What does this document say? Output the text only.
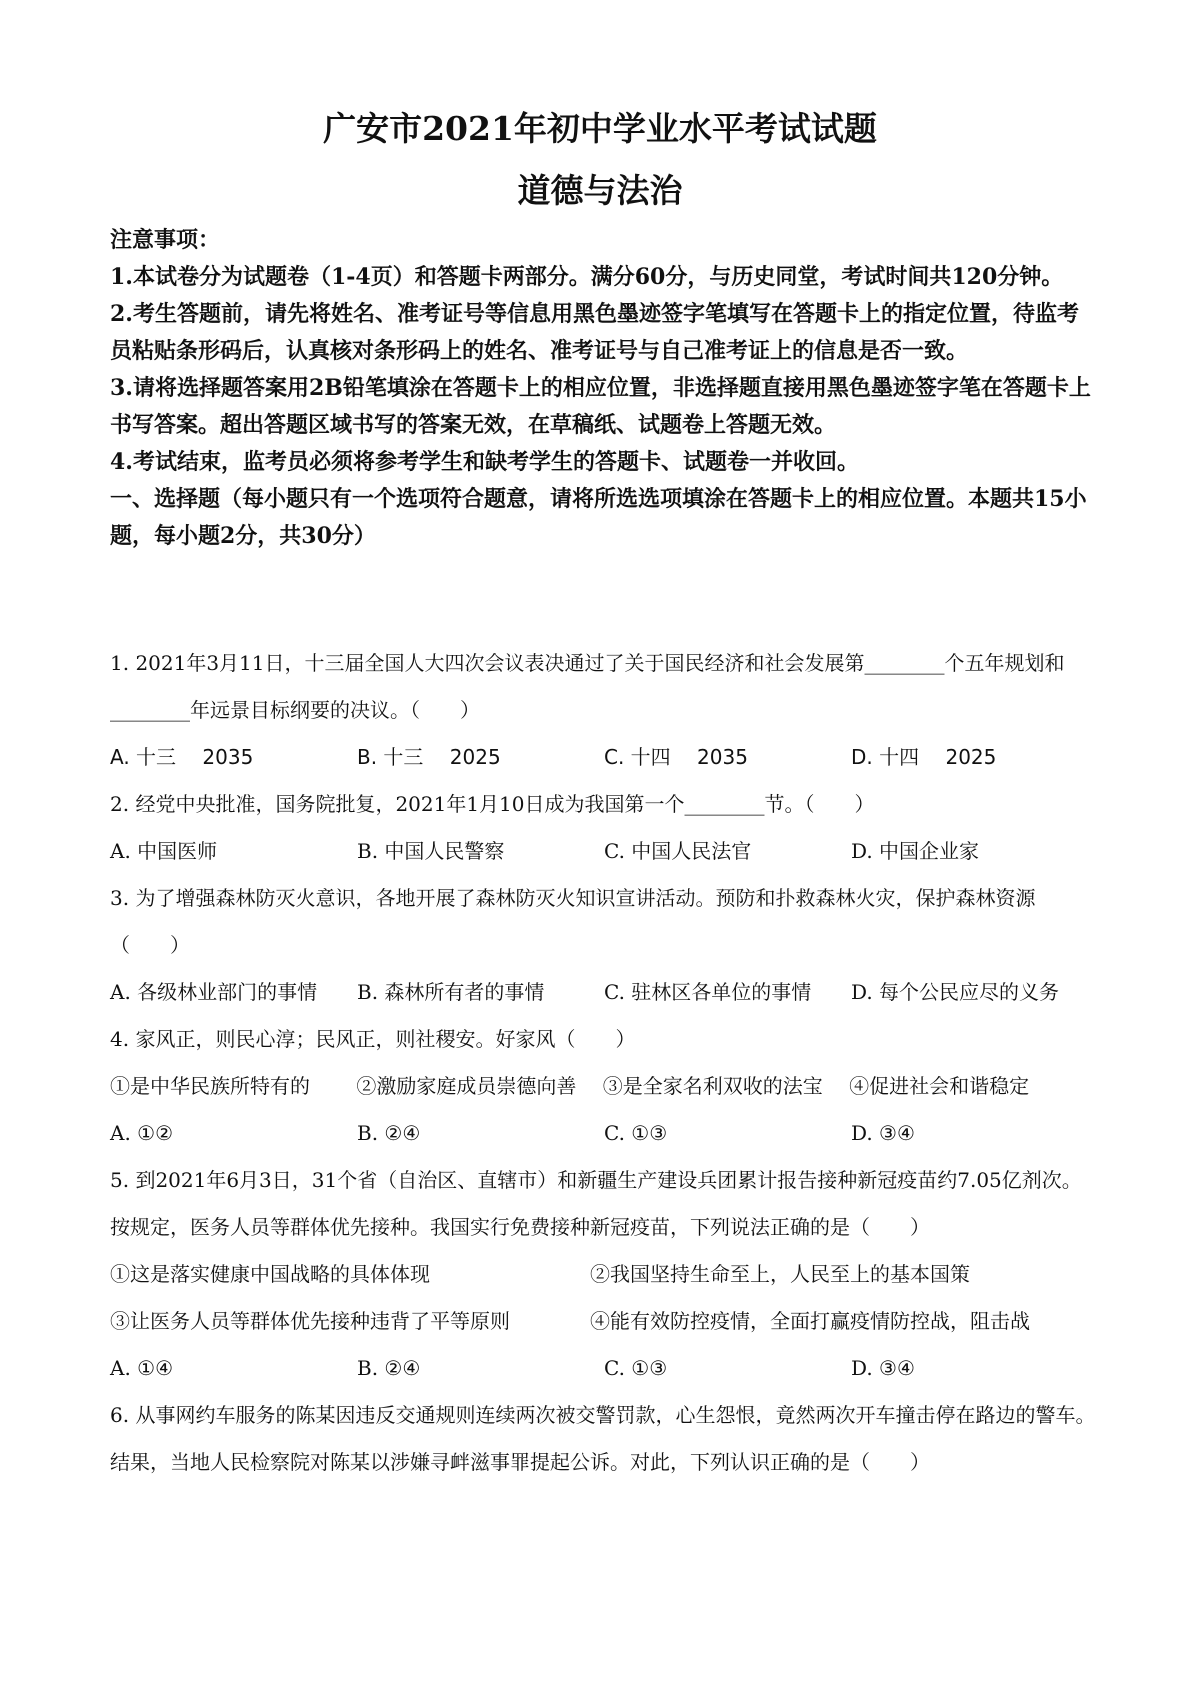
广安市2021年初中学业水平考试试题
道德与法治

注意事项：

1.本试卷分为试题卷（1-4页）和答题卡两部分。满分60分，与历史同堂，考试时间共120分钟。

2.考生答题前，请先将姓名、准考证号等信息用黑色墨迹签字笔填写在答题卡上的指定位置，待监考员粘贴条形码后，认真核对条形码上的姓名、准考证号与自己准考证上的信息是否一致。

3.请将选择题答案用2B铅笔填涂在答题卡上的相应位置，非选择题直接用黑色墨迹签字笔在答题卡上书写答案。超出答题区域书写的答案无效，在草稿纸、试题卷上答题无效。

4.考试结束，监考员必须将参考学生和缺考学生的答题卡、试题卷一并收回。

一、选择题（每小题只有一个选项符合题意，请将所选选项填涂在答题卡上的相应位置。本题共15小题，每小题2分，共30分）

1. 2021年3月11日，十三届全国人大四次会议表决通过了关于国民经济和社会发展第________个五年规划和________年远景目标纲要的决议。（　　）

A. 十三　 2035	B. 十三　 2025	C. 十四　 2035	D. 十四　 2025

2. 经党中央批准，国务院批复，2021年1月10日成为我国第一个________节。（　　）

A. 中国医师	B. 中国人民警察	C. 中国人民法官	D. 中国企业家

3. 为了增强森林防灭火意识，各地开展了森林防灭火知识宣讲活动。预防和扑救森林火灾，保护森林资源（　　）

A. 各级林业部门的事情	B. 森林所有者的事情	C. 驻林区各单位的事情	D. 每个公民应尽的义务

4. 家风正，则民心淳；民风正，则社稷安。好家风（　　）

①是中华民族所特有的　　 ②激励家庭成员崇德向善　 ③是全家名利双收的法宝　 ④促进社会和谐稳定

A. ①②	B. ②④	C. ①③	D. ③④

5. 到2021年6月3日，31个省（自治区、直辖市）和新疆生产建设兵团累计报告接种新冠疫苗约7.05亿剂次。按规定，医务人员等群体优先接种。我国实行免费接种新冠疫苗，下列说法正确的是（　　）

①这是落实健康中国战略的具体体现	②我国坚持生命至上，人民至上的基本国策
③让医务人员等群体优先接种违背了平等原则	④能有效防控疫情，全面打赢疫情防控战，阻击战
A. ①④	B. ②④	C. ①③	D. ③④

6. 从事网约车服务的陈某因违反交通规则连续两次被交警罚款，心生怨恨，竟然两次开车撞击停在路边的警车。结果，当地人民检察院对陈某以涉嫌寻衅滋事罪提起公诉。对此，下列认识正确的是（　　）
